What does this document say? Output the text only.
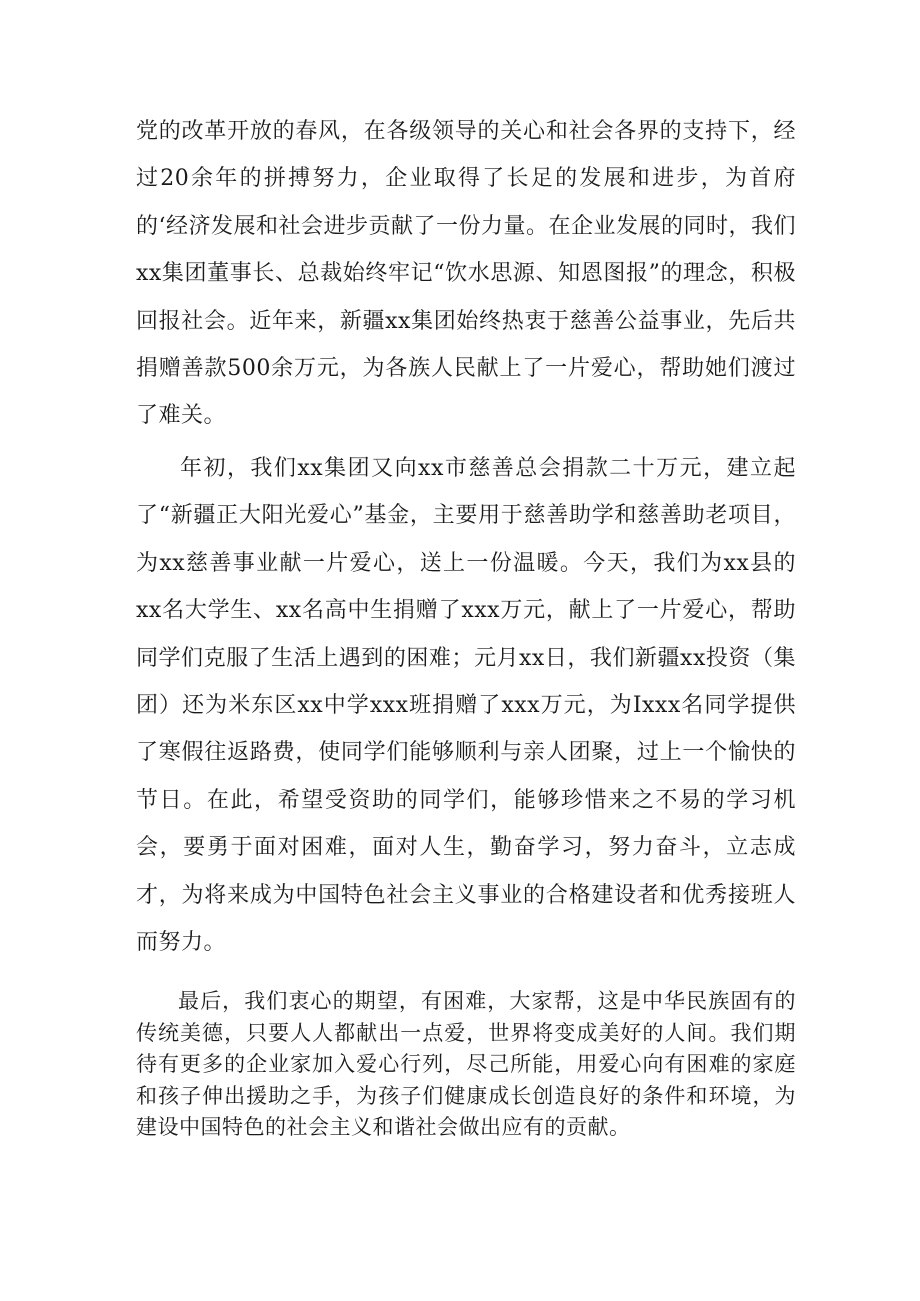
党的改革开放的春风，在各级领导的关心和社会各界的支持下，经过20余年的拼搏努力，企业取得了长足的发展和进步，为首府的‘经济发展和社会进步贡献了一份力量。在企业发展的同时，我们xx集团董事长、总裁始终牢记“饮水思源、知恩图报”的理念，积极回报社会。近年来，新疆xx集团始终热衷于慈善公益事业，先后共捐赠善款500余万元，为各族人民献上了一片爱心，帮助她们渡过了难关。

年初，我们xx集团又向xx市慈善总会捐款二十万元，建立起了“新疆正大阳光爱心”基金，主要用于慈善助学和慈善助老项目，为xx慈善事业献一片爱心，送上一份温暖。今天，我们为xx县的xx名大学生、xx名高中生捐赠了xxx万元，献上了一片爱心，帮助同学们克服了生活上遇到的困难；元月xx日，我们新疆xx投资（集团）还为米东区xx中学xxx班捐赠了xxx万元，为Ixxx名同学提供了寒假往返路费，使同学们能够顺利与亲人团聚，过上一个愉快的节日。在此，希望受资助的同学们，能够珍惜来之不易的学习机会，要勇于面对困难，面对人生，勤奋学习，努力奋斗，立志成才，为将来成为中国特色社会主义事业的合格建设者和优秀接班人而努力。

最后，我们衷心的期望，有困难，大家帮，这是中华民族固有的传统美德，只要人人都献出一点爱，世界将变成美好的人间。我们期待有更多的企业家加入爱心行列，尽己所能，用爱心向有困难的家庭和孩子伸出援助之手，为孩子们健康成长创造良好的条件和环境，为建设中国特色的社会主义和谐社会做出应有的贡献。
